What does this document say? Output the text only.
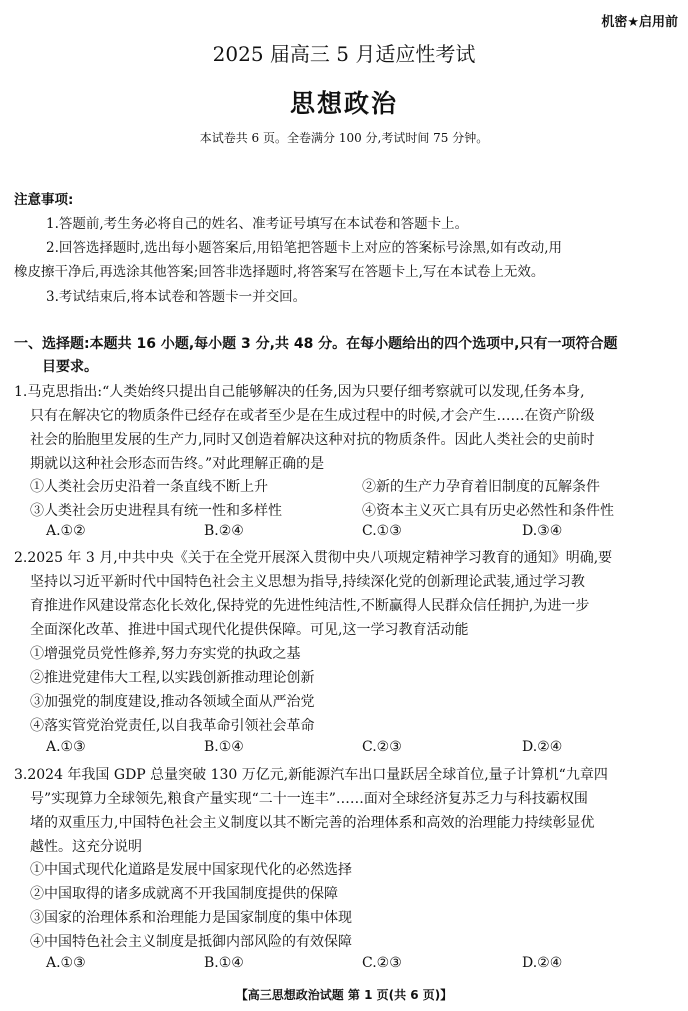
机密★启用前
2025 届高三 5 月适应性考试
思想政治
本试卷共 6 页。全卷满分 100 分,考试时间 75 分钟。
注意事项:
1.答题前,考生务必将自己的姓名、准考证号填写在本试卷和答题卡上。
2.回答选择题时,选出每小题答案后,用铅笔把答题卡上对应的答案标号涂黑,如有改动,用
橡皮擦干净后,再选涂其他答案;回答非选择题时,将答案写在答题卡上,写在本试卷上无效。
3.考试结束后,将本试卷和答题卡一并交回。
一、选择题:本题共 16 小题,每小题 3 分,共 48 分。在每小题给出的四个选项中,只有一项符合题
目要求。
1.马克思指出:“人类始终只提出自己能够解决的任务,因为只要仔细考察就可以发现,任务本身,
只有在解决它的物质条件已经存在或者至少是在生成过程中的时候,才会产生……在资产阶级
社会的胎胞里发展的生产力,同时又创造着解决这种对抗的物质条件。因此人类社会的史前时
期就以这种社会形态而告终。”对此理解正确的是
①人类社会历史沿着一条直线不断上升	②新的生产力孕育着旧制度的瓦解条件
③人类社会历史进程具有统一性和多样性	④资本主义灭亡具有历史必然性和条件性
A.①②	B.②④	C.①③	D.③④
2.2025 年 3 月,中共中央《关于在全党开展深入贯彻中央八项规定精神学习教育的通知》明确,要
坚持以习近平新时代中国特色社会主义思想为指导,持续深化党的创新理论武装,通过学习教
育推进作风建设常态化长效化,保持党的先进性纯洁性,不断赢得人民群众信任拥护,为进一步
全面深化改革、推进中国式现代化提供保障。可见,这一学习教育活动能
①增强党员党性修养,努力夯实党的执政之基
②推进党建伟大工程,以实践创新推动理论创新
③加强党的制度建设,推动各领域全面从严治党
④落实管党治党责任,以自我革命引领社会革命
A.①③	B.①④	C.②③	D.②④
3.2024 年我国 GDP 总量突破 130 万亿元,新能源汽车出口量跃居全球首位,量子计算机“九章四
号”实现算力全球领先,粮食产量实现“二十一连丰”……面对全球经济复苏乏力与科技霸权围
堵的双重压力,中国特色社会主义制度以其不断完善的治理体系和高效的治理能力持续彰显优
越性。这充分说明
①中国式现代化道路是发展中国家现代化的必然选择
②中国取得的诸多成就离不开我国制度提供的保障
③国家的治理体系和治理能力是国家制度的集中体现
④中国特色社会主义制度是抵御内部风险的有效保障
A.①③	B.①④	C.②③	D.②④
【高三思想政治试题 第 1 页(共 6 页)】
